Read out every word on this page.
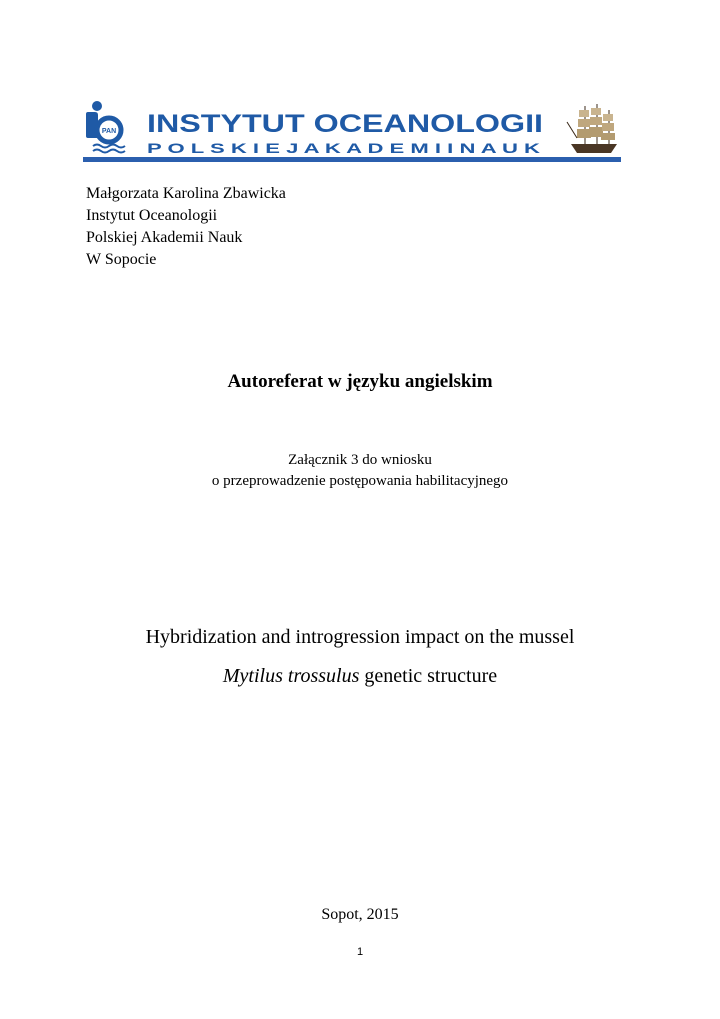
PAN INSTYTUT OCEANOLOGII
P O L S K I E J A K A D E M I I N A U K
Małgorzata Karolina Zbawicka
Instytut Oceanologii
Polskiej Akademii Nauk
W Sopocie
Autoreferat w języku angielskim
Załącznik 3 do wniosku
o przeprowadzenie postępowania habilitacyjnego
Hybridization and introgression impact on the mussel
Mytilus trossulus genetic structure
Sopot, 2015
1
